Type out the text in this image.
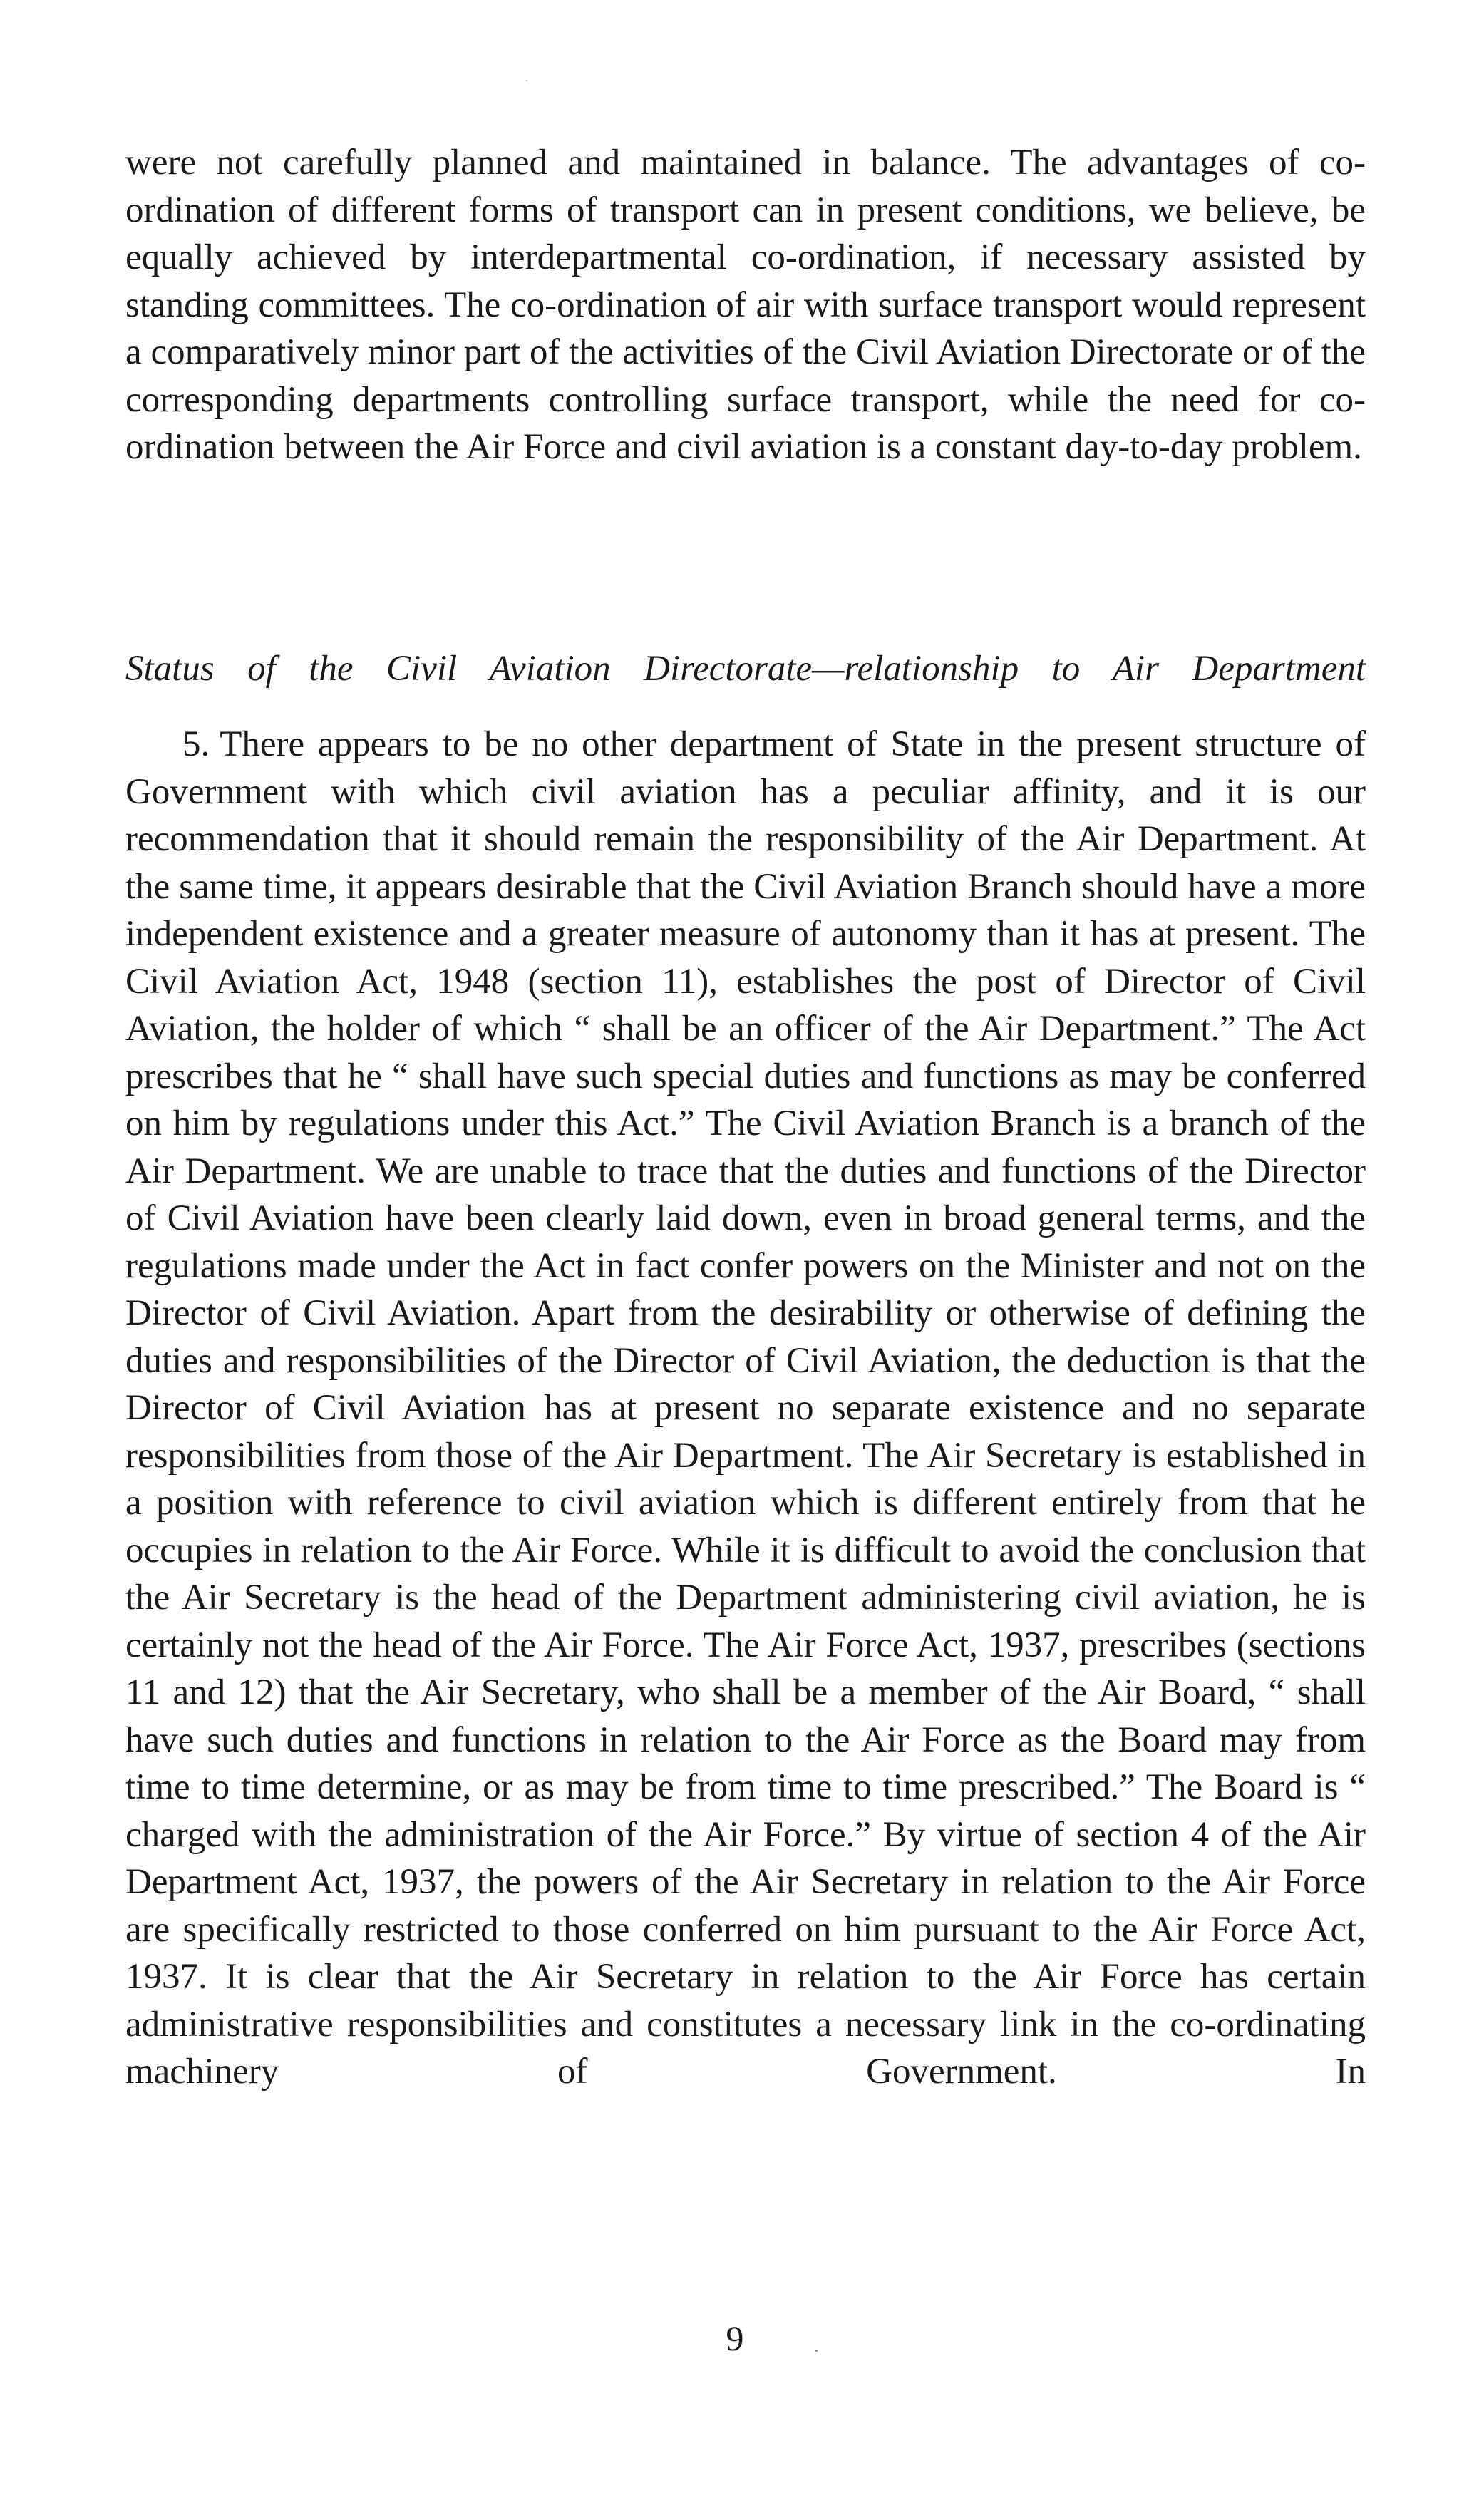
were not carefully planned and maintained in balance. The advantages of co-ordination of different forms of transport can in present conditions, we believe, be equally achieved by interdepartmental co-ordination, if necessary assisted by standing committees. The co-ordination of air with surface transport would represent a comparatively minor part of the activities of the Civil Aviation Directorate or of the corresponding departments controlling surface transport, while the need for co-ordination between the Air Force and civil aviation is a constant day-to-day problem.

Status of the Civil Aviation Directorate—relationship to Air Department

5. There appears to be no other department of State in the present structure of Government with which civil aviation has a peculiar affinity, and it is our recommendation that it should remain the responsibility of the Air Department. At the same time, it appears desirable that the Civil Aviation Branch should have a more independent existence and a greater measure of autonomy than it has at present. The Civil Aviation Act, 1948 (section 11), establishes the post of Director of Civil Aviation, the holder of which “ shall be an officer of the Air Department.” The Act prescribes that he “ shall have such special duties and functions as may be conferred on him by regulations under this Act.” The Civil Aviation Branch is a branch of the Air Department. We are unable to trace that the duties and functions of the Director of Civil Aviation have been clearly laid down, even in broad general terms, and the regulations made under the Act in fact confer powers on the Minister and not on the Director of Civil Aviation. Apart from the desirability or otherwise of defining the duties and responsibilities of the Director of Civil Aviation, the deduction is that the Director of Civil Aviation has at present no separate existence and no separate responsibilities from those of the Air Department. The Air Secretary is established in a position with reference to civil aviation which is different entirely from that he occupies in relation to the Air Force. While it is difficult to avoid the conclusion that the Air Secretary is the head of the Department administering civil aviation, he is certainly not the head of the Air Force. The Air Force Act, 1937, prescribes (sections 11 and 12) that the Air Secretary, who shall be a member of the Air Board, “ shall have such duties and functions in relation to the Air Force as the Board may from time to time determine, or as may be from time to time prescribed.” The Board is “ charged with the administration of the Air Force.” By virtue of section 4 of the Air Department Act, 1937, the powers of the Air Secretary in relation to the Air Force are specifically restricted to those conferred on him pursuant to the Air Force Act, 1937. It is clear that the Air Secretary in relation to the Air Force has certain administrative responsibilities and constitutes a necessary link in the co-ordinating machinery of Government. In

9
